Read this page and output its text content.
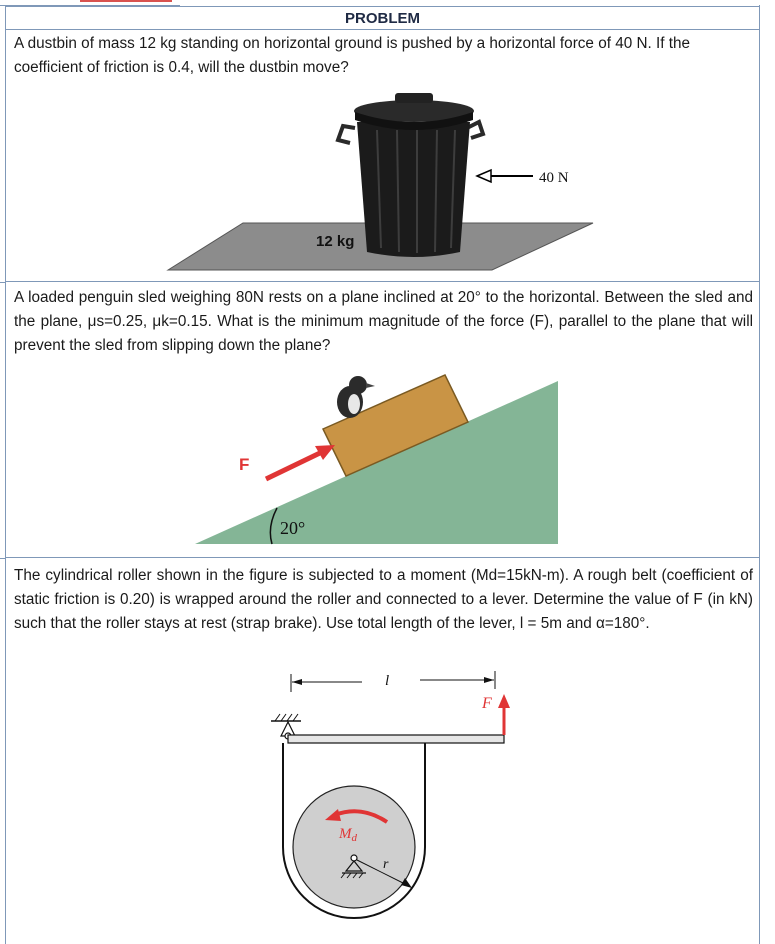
PROBLEM

A dustbin of mass 12 kg standing on horizontal ground is pushed by a horizontal force of 40 N. If the coefficient of friction is 0.4, will the dustbin move?

40 N
12 kg

A loaded penguin sled weighing 80N rests on a plane inclined at 20° to the horizontal. Between the sled and the plane, μs=0.25, μk=0.15. What is the minimum magnitude of the force (F), parallel to the plane that will prevent the sled from slipping down the plane?

20°
F

The cylindrical roller shown in the figure is subjected to a moment (Md=15kN-m). A rough belt (coefficient of static friction is 0.20) is wrapped around the roller and connected to a lever. Determine the value of F (in kN) such that the roller stays at rest (strap brake). Use total length of the lever, l = 5m and α=180°.

l
F
$M_d$
r
